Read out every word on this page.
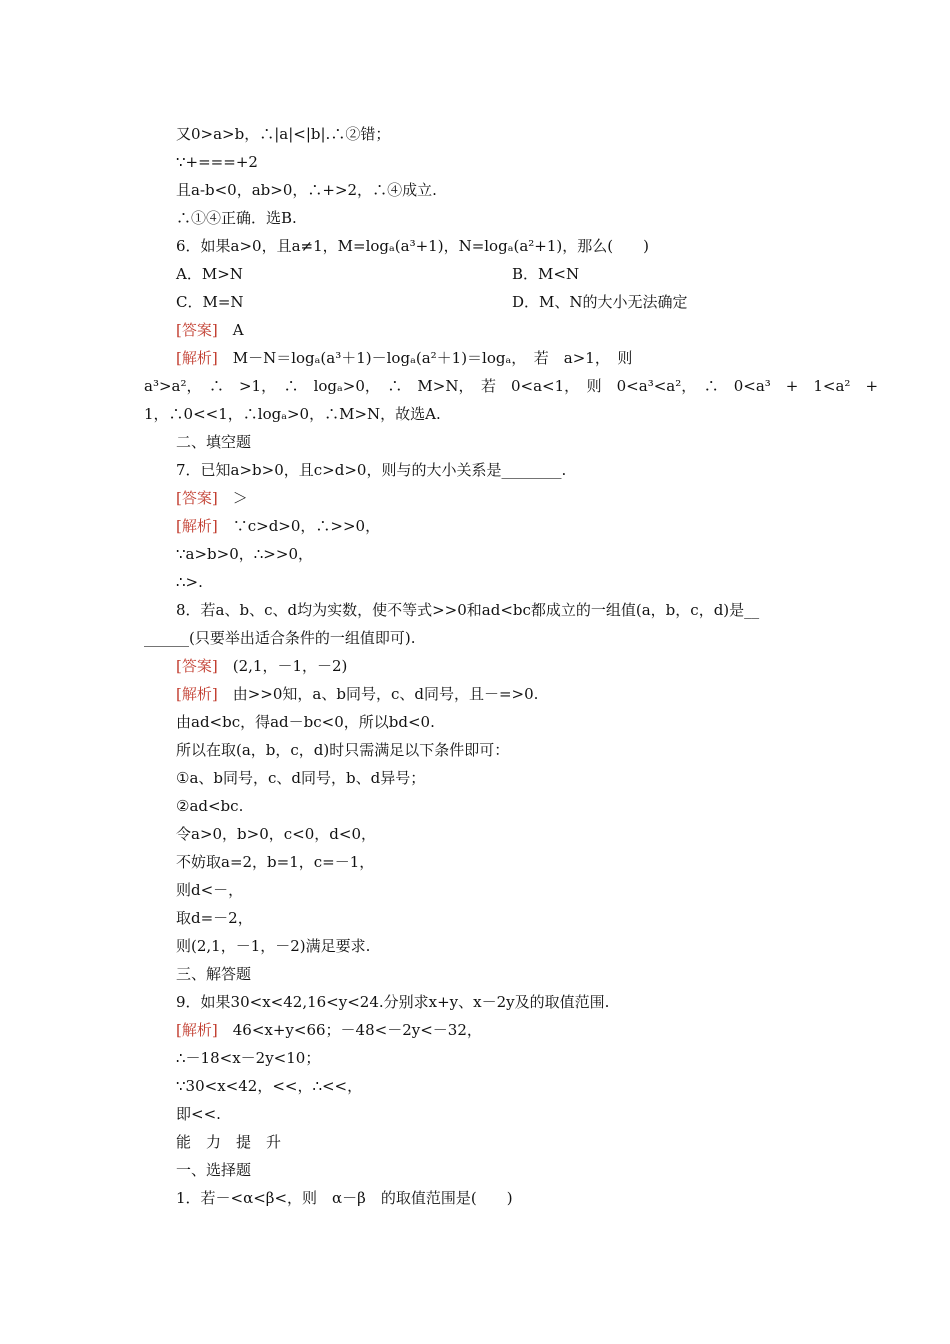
又0>a>b，∴|a|<|b|.∴②错；
∵+===+2
且a-b<0，ab>0，∴+>2，∴④成立.
∴①④正确．选B.
6．如果a>0，且a≠1，M=logₐ(a³+1)，N=logₐ(a²+1)，那么(　　)
A．M>N	B．M<N
C．M=N	D．M、N的大小无法确定
[答案]　 A
[解析]　 M－N＝logₐ(a³＋1)－logₐ(a²＋1)＝logₐ，　若　a>1，　则
a³>a²，　∴　>1，　∴　logₐ>0，　∴　M>N，　若　0<a<1，　则　0<a³<a²，　∴　0<a³　+　1<a²　+
1，∴0<<1，∴logₐ>0，∴M>N，故选A.
二、填空题
7．已知a>b>0，且c>d>0，则与的大小关系是________.
[答案]　 ＞
[解析]　 ∵c>d>0，∴>>0，
∵a>b>0，∴>>0，
∴>.
8．若a、b、c、d均为实数，使不等式>>0和ad<bc都成立的一组值(a，b，c，d)是__
______(只要举出适合条件的一组值即可).
[答案]　 (2,1，－1，－2)
[解析]　 由>>0知，a、b同号，c、d同号，且－=>0.
由ad<bc，得ad－bc<0，所以bd<0.
所以在取(a，b，c，d)时只需满足以下条件即可：
①a、b同号，c、d同号，b、d异号；
②ad<bc.
令a>0，b>0，c<0，d<0，
不妨取a=2，b=1，c=－1，
则d<－，
取d=－2，
则(2,1，－1，－2)满足要求.
三、解答题
9．如果30<x<42,16<y<24.分别求x+y、x－2y及的取值范围.
[解析]　 46<x+y<66；－48<－2y<－32，
∴－18<x－2y<10；
∵30<x<42，<<，∴<<，
即<<.
能　力　提　升
一、选择题
1．若－<α<β<，则　α－β　的取值范围是(　　)
